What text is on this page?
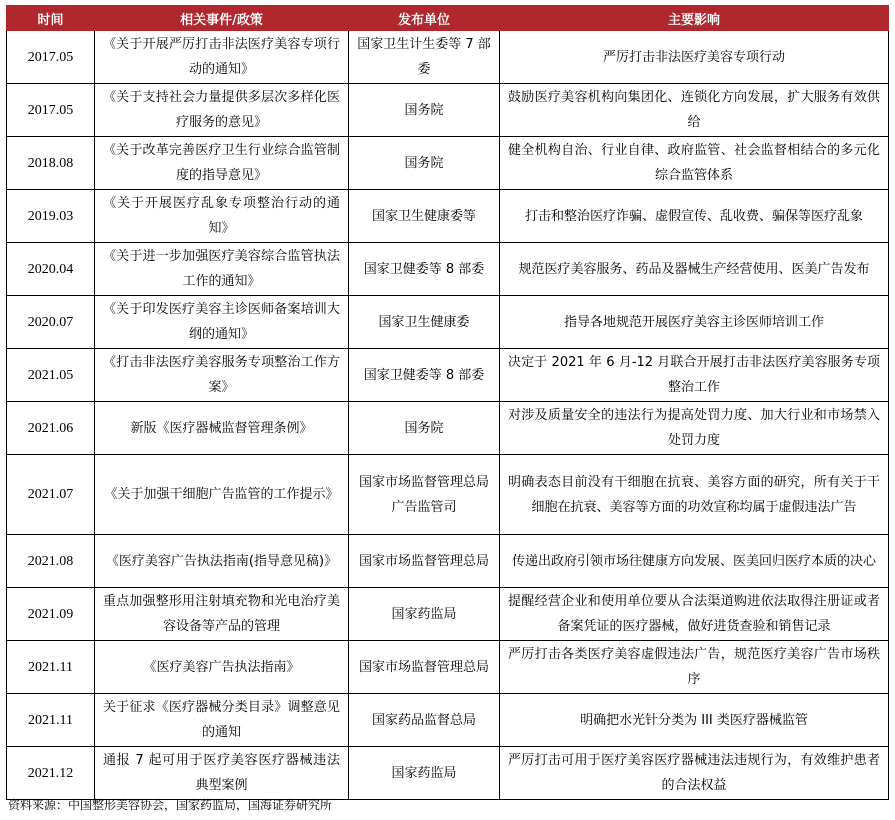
时间	相关事件/政策	发布单位	主要影响
2017.05	《关于开展严厉打击非法医疗美容专项行动的通知》	国家卫生计生委等 7 部委	严厉打击非法医疗美容专项行动
2017.05	《关于支持社会力量提供多层次多样化医疗服务的意见》	国务院	鼓励医疗美容机构向集团化、连锁化方向发展，扩大服务有效供给
2018.08	《关于改革完善医疗卫生行业综合监管制度的指导意见》	国务院	健全机构自治、行业自律、政府监管、社会监督相结合的多元化综合监管体系
2019.03	《关于开展医疗乱象专项整治行动的通知》	国家卫生健康委等	打击和整治医疗诈骗、虚假宣传、乱收费、骗保等医疗乱象
2020.04	《关于进一步加强医疗美容综合监管执法工作的通知》	国家卫健委等 8 部委	规范医疗美容服务、药品及器械生产经营使用、医美广告发布
2020.07	《关于印发医疗美容主诊医师备案培训大纲的通知》	国家卫生健康委	指导各地规范开展医疗美容主诊医师培训工作
2021.05	《打击非法医疗美容服务专项整治工作方案》	国家卫健委等 8 部委	决定于 2021 年 6 月-12 月联合开展打击非法医疗美容服务专项整治工作
2021.06	新版《医疗器械监督管理条例》	国务院	对涉及质量安全的违法行为提高处罚力度、加大行业和市场禁入处罚力度
2021.07	《关于加强干细胞广告监管的工作提示》	国家市场监督管理总局广告监管司	明确表态目前没有干细胞在抗衰、美容方面的研究，所有关于干细胞在抗衰、美容等方面的功效宣称均属于虚假违法广告
2021.08	《医疗美容广告执法指南(指导意见稿)》	国家市场监督管理总局	传递出政府引领市场往健康方向发展、医美回归医疗本质的决心
2021.09	重点加强整形用注射填充物和光电治疗美容设备等产品的管理	国家药监局	提醒经营企业和使用单位要从合法渠道购进依法取得注册证或者备案凭证的医疗器械，做好进货查验和销售记录
2021.11	《医疗美容广告执法指南》	国家市场监督管理总局	严厉打击各类医疗美容虚假违法广告，规范医疗美容广告市场秩序
2021.11	关于征求《医疗器械分类目录》调整意见的通知	国家药品监督总局	明确把水光针分类为 III 类医疗器械监管
2021.12	通报 7 起可用于医疗美容医疗器械违法典型案例	国家药监局	严厉打击可用于医疗美容医疗器械违法违规行为，有效维护患者的合法权益
资料来源：中国整形美容协会，国家药监局，国海证券研究所
